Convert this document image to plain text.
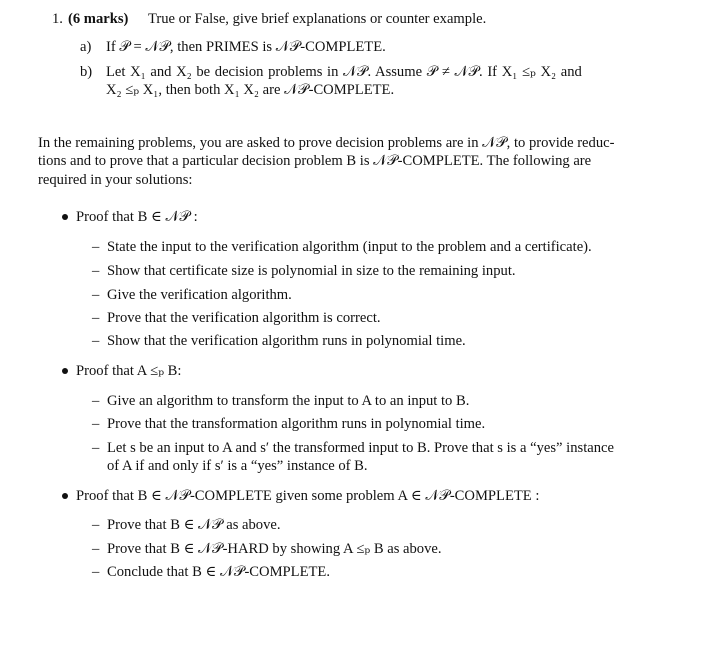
1. (6 marks) True or False, give brief explanations or counter example.
a) If 𝒫 = 𝒩𝒫, then PRIMES is 𝒩𝒫-COMPLETE.
b) Let X₁ and X₂ be decision problems in 𝒩𝒫. Assume 𝒫 ≠ 𝒩𝒫. If X₁ ≤ₚ X₂ and
X₂ ≤ₚ X₁, then both X₁ X₂ are 𝒩𝒫-COMPLETE.
In the remaining problems, you are asked to prove decision problems are in 𝒩𝒫, to provide reduc-
tions and to prove that a particular decision problem B is 𝒩𝒫-COMPLETE. The following are
required in your solutions:
Proof that B ∈ 𝒩𝒫 :
– State the input to the verification algorithm (input to the problem and a certificate).
– Show that certificate size is polynomial in size to the remaining input.
– Give the verification algorithm.
– Prove that the verification algorithm is correct.
– Show that the verification algorithm runs in polynomial time.
Proof that A ≤ₚ B:
– Give an algorithm to transform the input to A to an input to B.
– Prove that the transformation algorithm runs in polynomial time.
– Let s be an input to A and s′ the transformed input to B. Prove that s is a “yes” instance
of A if and only if s′ is a “yes” instance of B.
Proof that B ∈ 𝒩𝒫-COMPLETE given some problem A ∈ 𝒩𝒫-COMPLETE :
– Prove that B ∈ 𝒩𝒫 as above.
– Prove that B ∈ 𝒩𝒫-HARD by showing A ≤ₚ B as above.
– Conclude that B ∈ 𝒩𝒫-COMPLETE.
